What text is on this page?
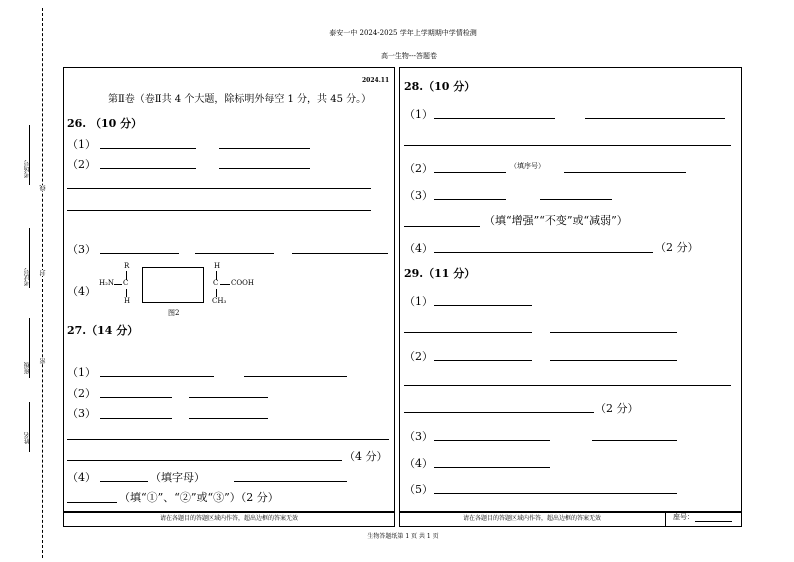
泰安一中 2024-2025 学年上学期期中学情检测
高一生物---答题卷
考场号
考试号
班级
姓名
线
封
密
请在各题目的答题区域内作答，超出边框的答案无效
2024.11
第Ⅱ卷（卷Ⅱ共 4 个大题，除标明外每空 1 分，共 45 分。）
26. （10 分）
（1）
（2）
（3）
（4）
R
H₂N C
H
H
C COOH
CH₃
图2
27.（14 分）
（1）
（2）
（3）
（4 分）
（4）	（填字母）
（填“①”、“②”或“③”）（2 分）
请在各题目的答题区域内作答，超出边框的答案无效	座号：
28.（10 分）
（1）
（2）	（填序号）
（3）
（填“增强”“不变”或“减弱”）
（4）	（2 分）
29.（11 分）
（1）
（2）
（2 分）
（3）
（4）
（5）
生物答题纸第 1 页 共 1 页
